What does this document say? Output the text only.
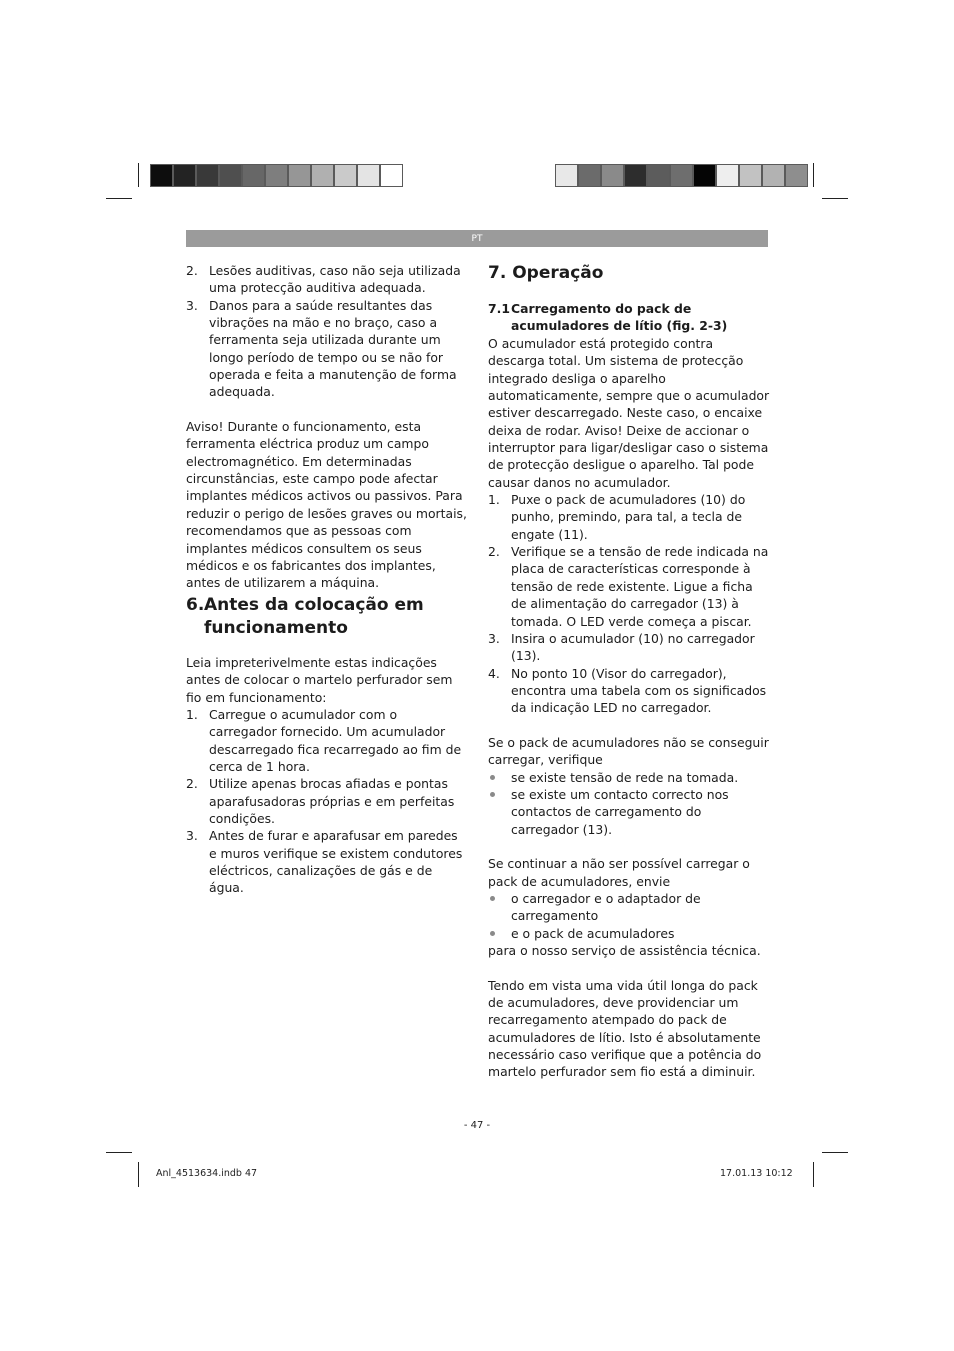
PT
2. Lesões auditivas, caso não seja utilizada uma protecção auditiva adequada.
3. Danos para a saúde resultantes das vibrações na mão e no braço, caso a ferramenta seja utilizada durante um longo período de tempo ou se não for operada e feita a manutenção de forma adequada.

Aviso! Durante o funcionamento, esta ferramenta eléctrica produz um campo electromagnético. Em determinadas circunstâncias, este campo pode afectar implantes médicos activos ou passivos. Para reduzir o perigo de lesões graves ou mortais, recomendamos que as pessoas com implantes médicos consultem os seus médicos e os fabricantes dos implantes, antes de utilizarem a máquina.

6. Antes da colocação em funcionamento

Leia impreterivelmente estas indicações antes de colocar o martelo perfurador sem fio em funcionamento:

1. Carregue o acumulador com o carregador fornecido. Um acumulador descarregado fica recarregado ao fim de cerca de 1 hora.
2. Utilize apenas brocas afiadas e pontas aparafusadoras próprias e em perfeitas condições.
3. Antes de furar e aparafusar em paredes e muros verifique se existem condutores eléctricos, canalizações de gás e de água.
7. Operação
7.1 Carregamento do pack de acumuladores de lítio (fig. 2-3)

O acumulador está protegido contra descarga total. Um sistema de protecção integrado desliga o aparelho automaticamente, sempre que o acumulador estiver descarregado. Neste caso, o encaixe deixa de rodar. Aviso! Deixe de accionar o interruptor para ligar/desligar caso o sistema de protecção desligue o aparelho. Tal pode causar danos no acumulador.

1. Puxe o pack de acumuladores (10) do punho, premindo, para tal, a tecla de engate (11).
2. Verifique se a tensão de rede indicada na placa de características corresponde à tensão de rede existente. Ligue a ficha de alimentação do carregador (13) à tomada. O LED verde começa a piscar.
3. Insira o acumulador (10) no carregador (13).
4. No ponto 10 (Visor do carregador), encontra uma tabela com os significados da indicação LED no carregador.

Se o pack de acumuladores não se conseguir carregar, verifique

se existe tensão de rede na tomada.
se existe um contacto correcto nos contactos de carregamento do carregador (13).

Se continuar a não ser possível carregar o pack de acumuladores, envie

o carregador e o adaptador de carregamento
e o pack de acumuladores

para o nosso serviço de assistência técnica.

Tendo em vista uma vida útil longa do pack de acumuladores, deve providenciar um recarregamento atempado do pack de acumuladores de lítio. Isto é absolutamente necessário caso verifique que a potência do martelo perfurador sem fio está a diminuir.

- 47 -
Anl_4513634.indb 47	17.01.13 10:12
